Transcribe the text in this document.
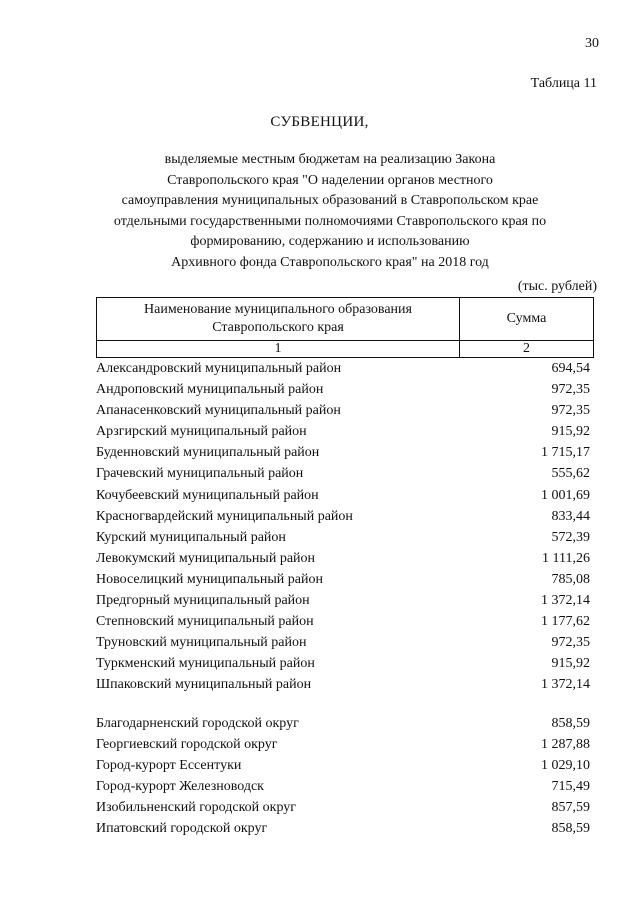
30
Таблица 11
СУБВЕНЦИИ,
выделяемые местным бюджетам на реализацию Закона
Ставропольского края "О наделении органов местного
самоуправления муниципальных образований в Ставропольском крае
отдельными государственными полномочиями Ставропольского края по
формированию, содержанию и использованию
Архивного фонда Ставропольского края" на 2018 год
(тыс. рублей)
Наименование муниципального образования
Ставропольского края	Сумма
1	2
Александровский муниципальный район	694,54
Андроповский муниципальный район	972,35
Апанасенковский муниципальный район	972,35
Арзгирский муниципальный район	915,92
Буденновский муниципальный район	1 715,17
Грачевский муниципальный район	555,62
Кочубеевский муниципальный район	1 001,69
Красногвардейский муниципальный район	833,44
Курский муниципальный район	572,39
Левокумский муниципальный район	1 111,26
Новоселицкий муниципальный район	785,08
Предгорный муниципальный район	1 372,14
Степновский муниципальный район	1 177,62
Труновский муниципальный район	972,35
Туркменский муниципальный район	915,92
Шпаковский муниципальный район	1 372,14
Благодарненский городской округ	858,59
Георгиевский городской округ	1 287,88
Город-курорт Ессентуки	1 029,10
Город-курорт Железноводск	715,49
Изобильненский городской округ	857,59
Ипатовский городской округ	858,59
